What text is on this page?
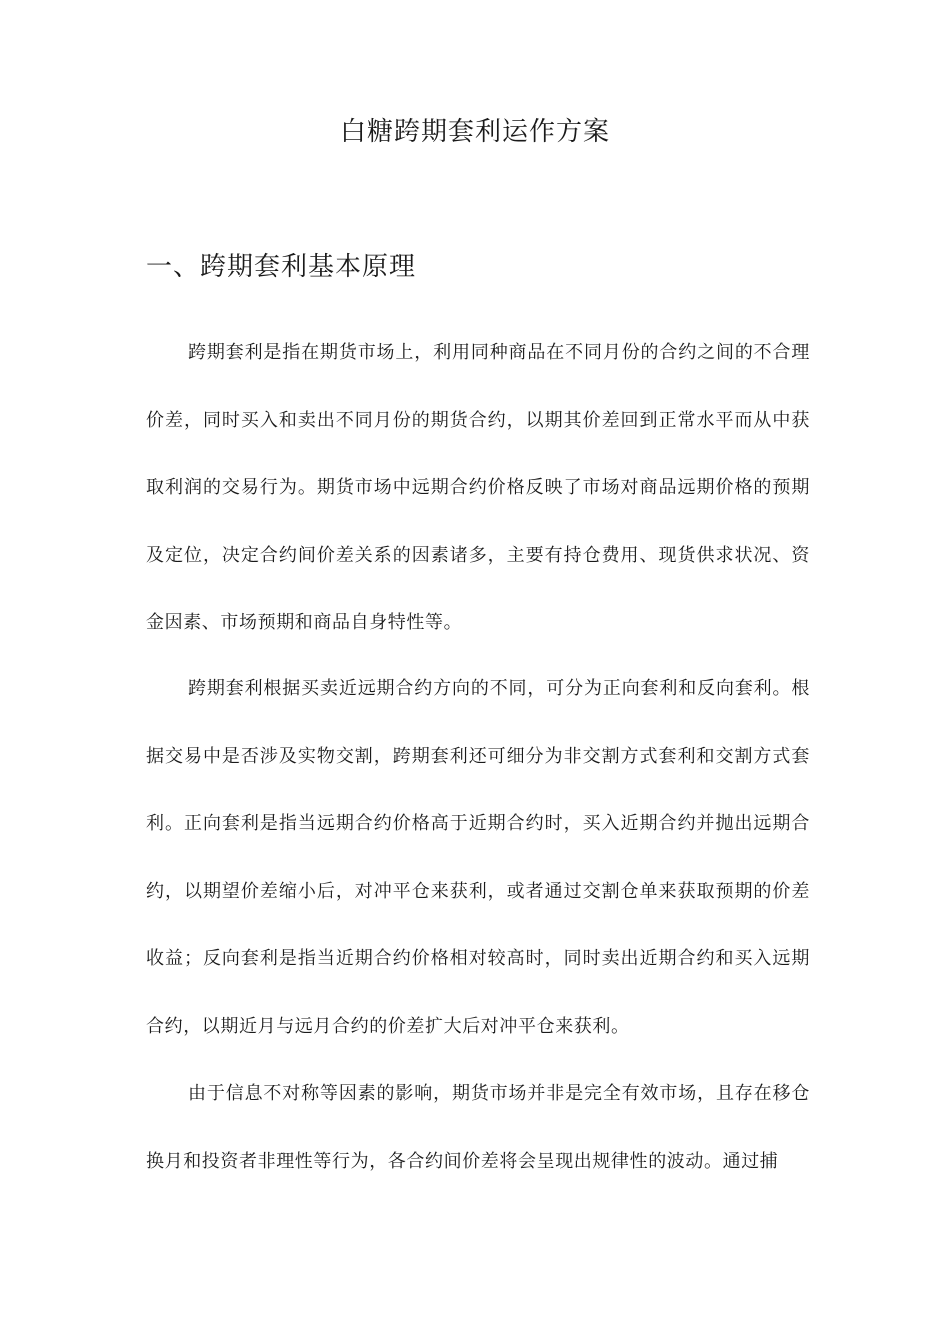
白糖跨期套利运作方案
一、跨期套利基本原理

跨期套利是指在期货市场上，利用同种商品在不同月份的合约之间的不合理价差，同时买入和卖出不同月份的期货合约，以期其价差回到正常水平而从中获取利润的交易行为。期货市场中远期合约价格反映了市场对商品远期价格的预期及定位，决定合约间价差关系的因素诸多，主要有持仓费用、现货供求状况、资金因素、市场预期和商品自身特性等。

跨期套利根据买卖近远期合约方向的不同，可分为正向套利和反向套利。根据交易中是否涉及实物交割，跨期套利还可细分为非交割方式套利和交割方式套利。正向套利是指当远期合约价格高于近期合约时，买入近期合约并抛出远期合约，以期望价差缩小后，对冲平仓来获利，或者通过交割仓单来获取预期的价差收益；反向套利是指当近期合约价格相对较高时，同时卖出近期合约和买入远期合约，以期近月与远月合约的价差扩大后对冲平仓来获利。

由于信息不对称等因素的影响，期货市场并非是完全有效市场，且存在移仓换月和投资者非理性等行为，各合约间价差将会呈现出规律性的波动。通过捕
